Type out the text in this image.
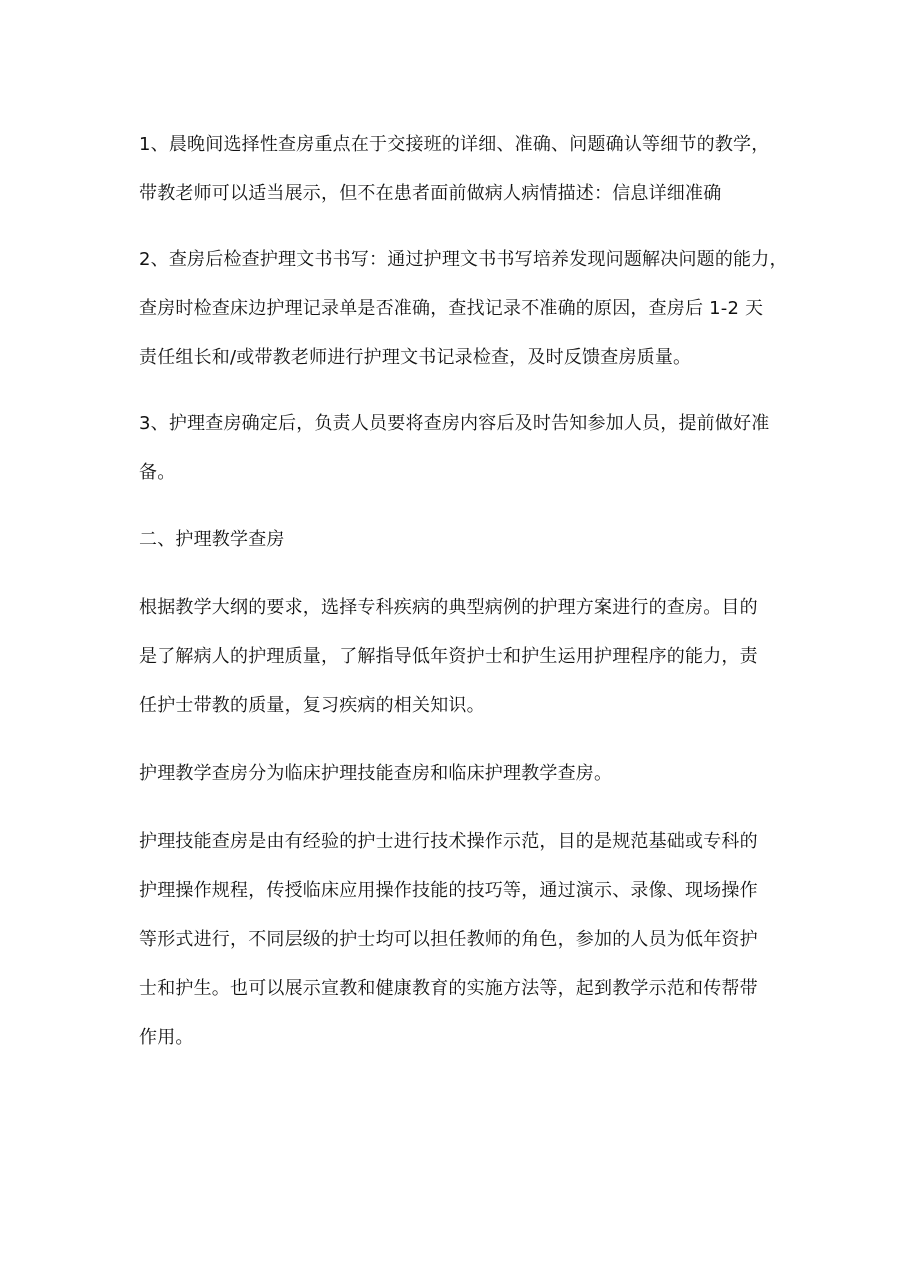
1、晨晚间选择性查房重点在于交接班的详细、准确、问题确认等细节的教学，
带教老师可以适当展示，但不在患者面前做病人病情描述：信息详细准确
2、查房后检查护理文书书写：通过护理文书书写培养发现问题解决问题的能力，
查房时检查床边护理记录单是否准确，查找记录不准确的原因，查房后 1-2 天
责任组长和/或带教老师进行护理文书记录检查，及时反馈查房质量。
3、护理查房确定后，负责人员要将查房内容后及时告知参加人员，提前做好准
备。
二、护理教学查房
根据教学大纲的要求，选择专科疾病的典型病例的护理方案进行的查房。目的
是了解病人的护理质量，了解指导低年资护士和护生运用护理程序的能力，责
任护士带教的质量，复习疾病的相关知识。
护理教学查房分为临床护理技能查房和临床护理教学查房。
护理技能查房是由有经验的护士进行技术操作示范，目的是规范基础或专科的
护理操作规程，传授临床应用操作技能的技巧等，通过演示、录像、现场操作
等形式进行，不同层级的护士均可以担任教师的角色，参加的人员为低年资护
士和护生。也可以展示宣教和健康教育的实施方法等，起到教学示范和传帮带
作用。
